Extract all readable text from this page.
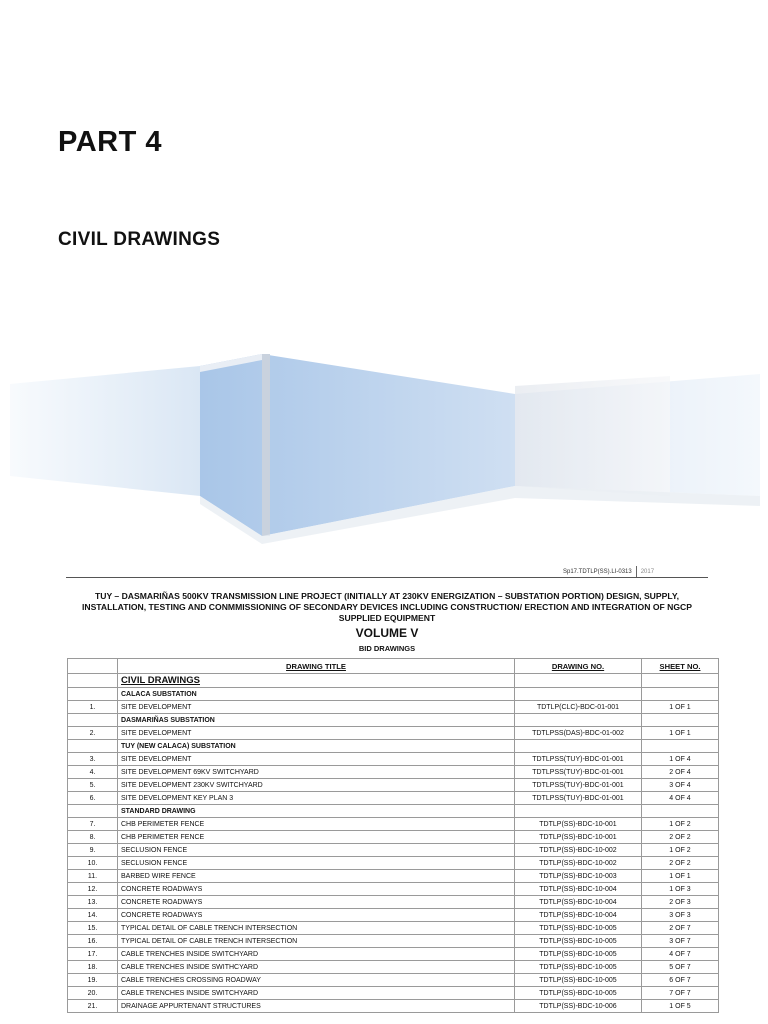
PART 4
CIVIL DRAWINGS
Sp17.TDTLP(SS).LI-0313 2017
TUY – DASMARIÑAS 500KV TRANSMISSION LINE PROJECT (INITIALLY AT 230KV ENERGIZATION – SUBSTATION PORTION) DESIGN, SUPPLY, INSTALLATION, TESTING AND CONMMISSIONING OF SECONDARY DEVICES INCLUDING CONSTRUCTION/ ERECTION AND INTEGRATION OF NGCP SUPPLIED EQUIPMENT
VOLUME V
BID DRAWINGS
	DRAWING TITLE	DRAWING NO.	SHEET NO.
	CIVIL DRAWINGS		
	CALACA SUBSTATION		
1.	SITE DEVELOPMENT	TDTLP(CLC)-BDC-01-001	1 OF 1
	DASMARIÑAS SUBSTATION		
2.	SITE DEVELOPMENT	TDTLPSS(DAS)-BDC-01-002	1 OF 1
	TUY (NEW CALACA) SUBSTATION		
3.	SITE DEVELOPMENT	TDTLPSS(TUY)-BDC-01-001	1 OF 4
4.	SITE DEVELOPMENT 69KV SWITCHYARD	TDTLPSS(TUY)-BDC-01-001	2 OF 4
5.	SITE DEVELOPMENT 230KV SWITCHYARD	TDTLPSS(TUY)-BDC-01-001	3 OF 4
6.	SITE DEVELOPMENT KEY PLAN 3	TDTLPSS(TUY)-BDC-01-001	4 OF 4
	STANDARD DRAWING		
7.	CHB PERIMETER FENCE	TDTLP(SS)-BDC-10-001	1 OF 2
8.	CHB PERIMETER FENCE	TDTLP(SS)-BDC-10-001	2 OF 2
9.	SECLUSION FENCE	TDTLP(SS)-BDC-10-002	1 OF 2
10.	SECLUSION FENCE	TDTLP(SS)-BDC-10-002	2 OF 2
11.	BARBED WIRE FENCE	TDTLP(SS)-BDC-10-003	1 OF 1
12.	CONCRETE ROADWAYS	TDTLP(SS)-BDC-10-004	1 OF 3
13.	CONCRETE ROADWAYS	TDTLP(SS)-BDC-10-004	2 OF 3
14.	CONCRETE ROADWAYS	TDTLP(SS)-BDC-10-004	3 OF 3
15.	TYPICAL DETAIL OF CABLE TRENCH INTERSECTION	TDTLP(SS)-BDC-10-005	2 OF 7
16.	TYPICAL DETAIL OF CABLE TRENCH INTERSECTION	TDTLP(SS)-BDC-10-005	3 OF 7
17.	CABLE TRENCHES INSIDE SWITCHYARD	TDTLP(SS)-BDC-10-005	4 OF 7
18.	CABLE TRENCHES INSIDE SWITHCYARD	TDTLP(SS)-BDC-10-005	5 OF 7
19.	CABLE TRENCHES CROSSING ROADWAY	TDTLP(SS)-BDC-10-005	6 OF 7
20.	CABLE TRENCHES INSIDE SWITCHYARD	TDTLP(SS)-BDC-10-005	7 OF 7
21.	DRAINAGE APPURTENANT STRUCTURES	TDTLP(SS)-BDC-10-006	1 OF 5
